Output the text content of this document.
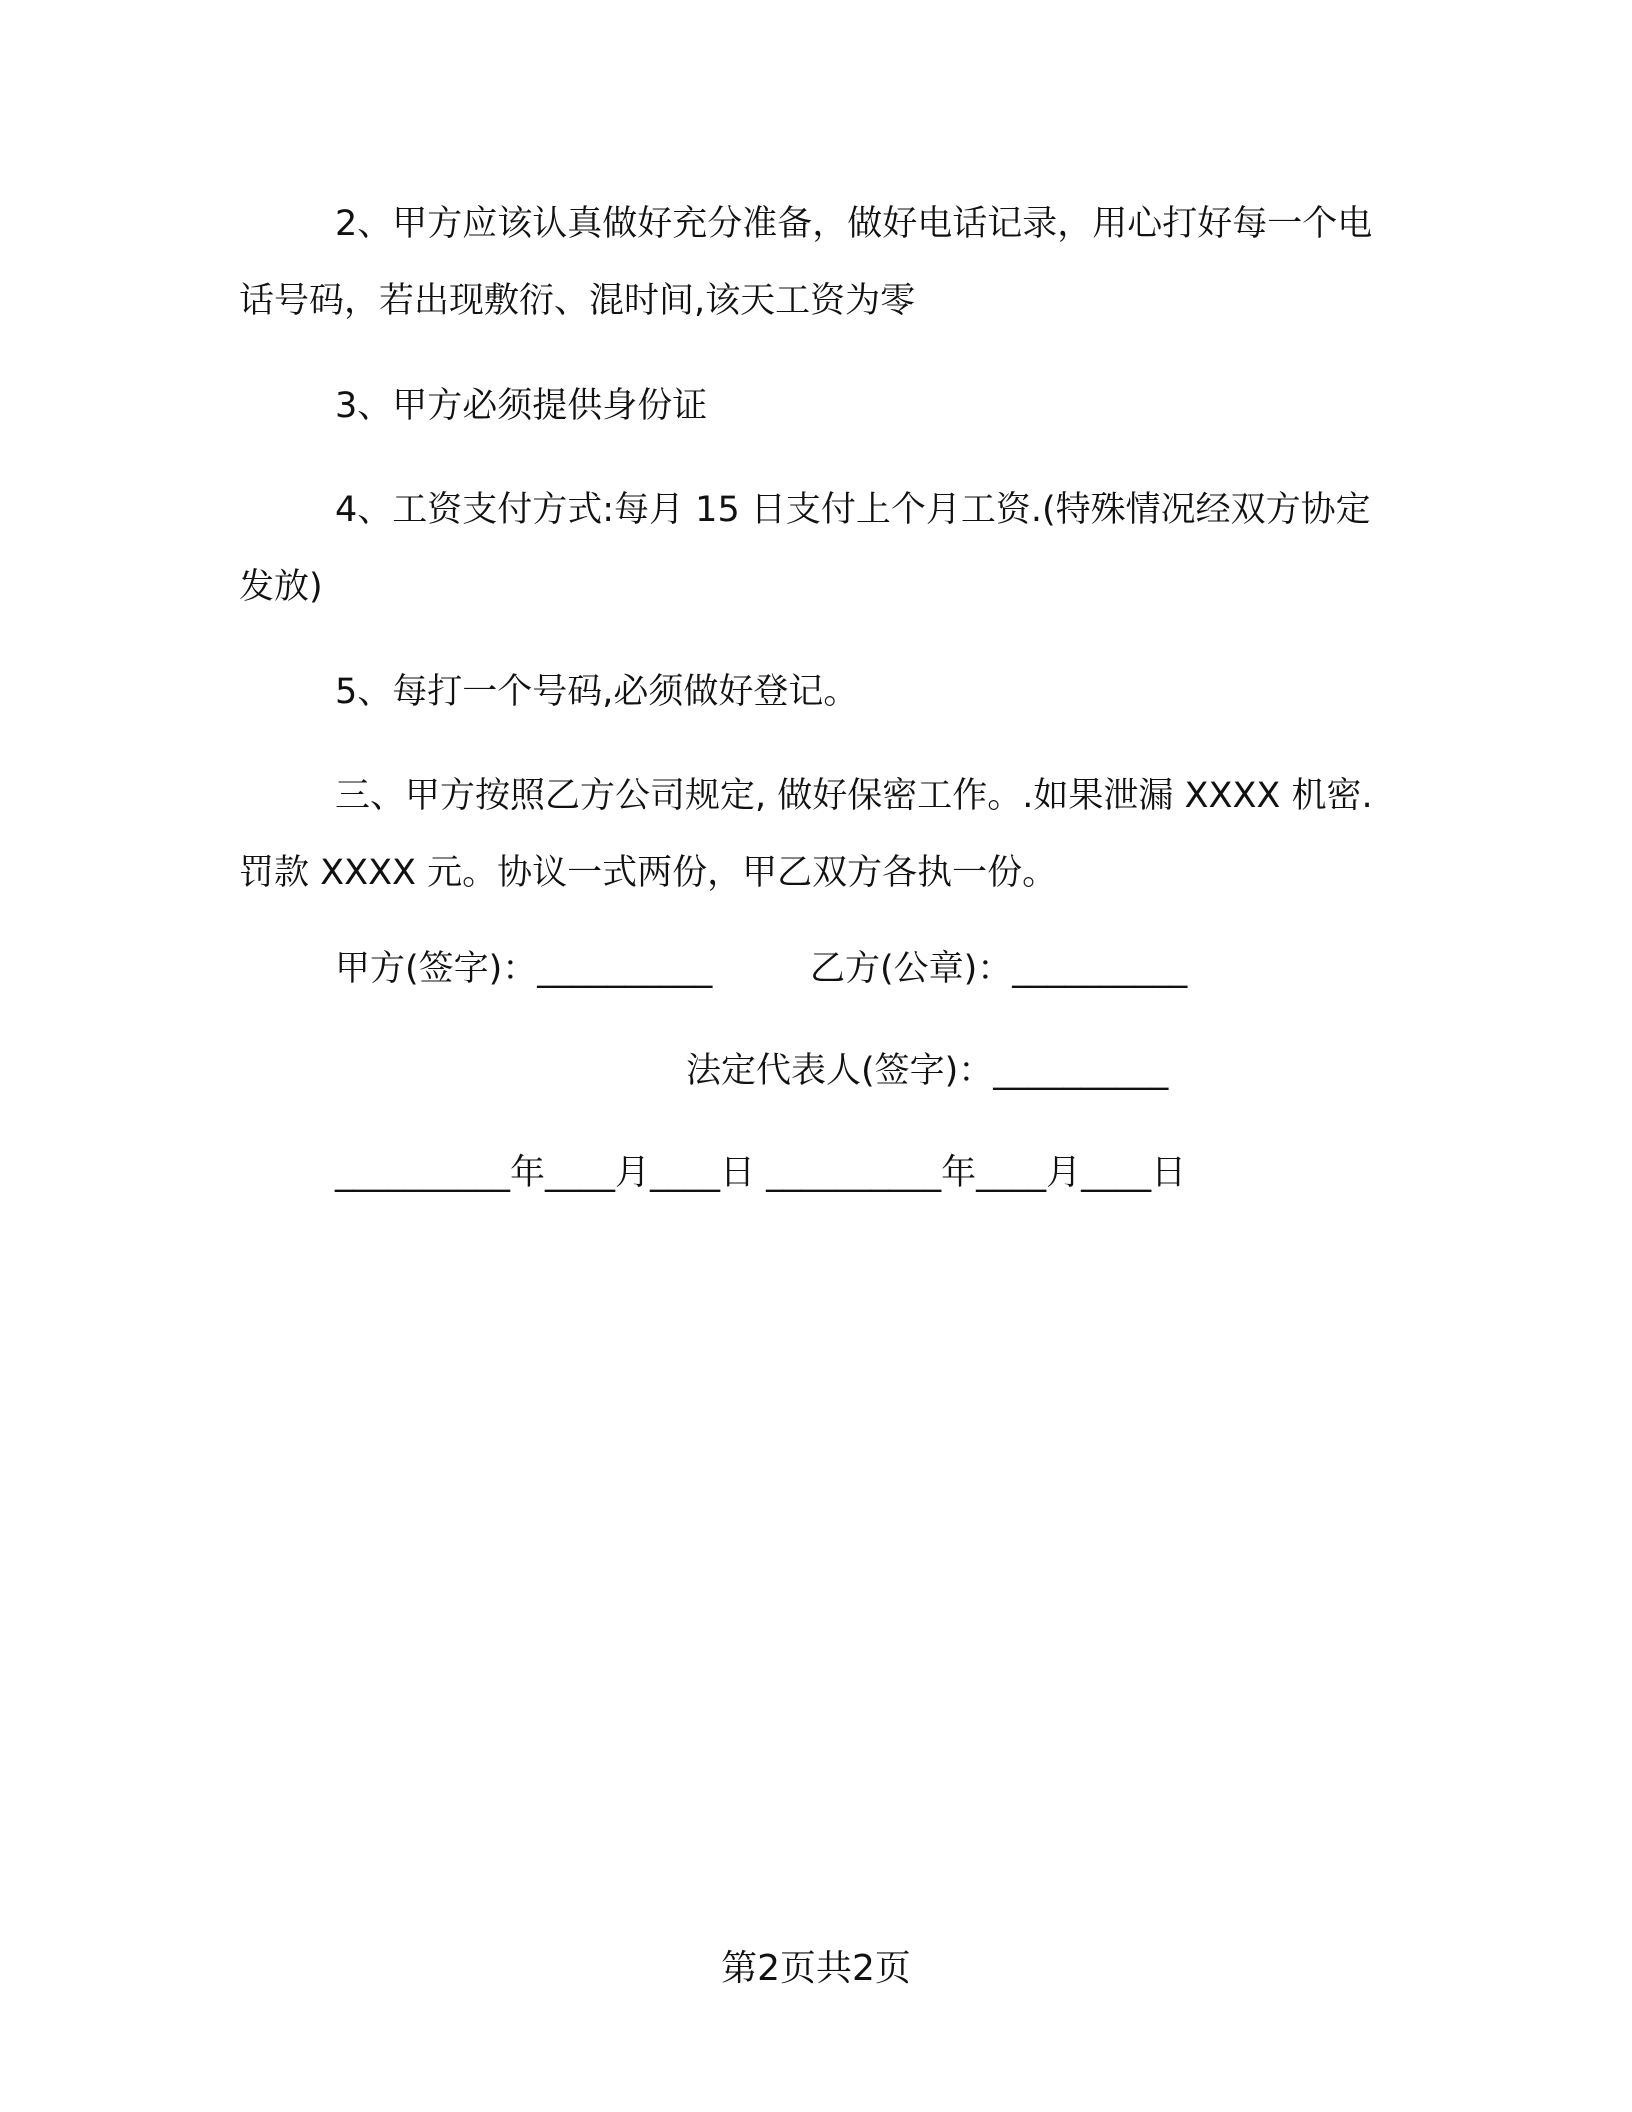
2、甲方应该认真做好充分准备，做好电话记录，用心打好每一个电话号码，若出现敷衍、混时间,该天工资为零

3、甲方必须提供身份证

4、工资支付方式:每月 15 日支付上个月工资.(特殊情况经双方协定发放)

5、每打一个号码,必须做好登记。

三、甲方按照乙方公司规定, 做好保密工作。.如果泄漏 XXXX 机密.罚款 XXXX 元。协议一式两份，甲乙双方各执一份。

甲方(签字)：__________	乙方(公章)：__________
法定代表人(签字)：__________
__________年____月____日 __________年____月____日
第2页共2页
